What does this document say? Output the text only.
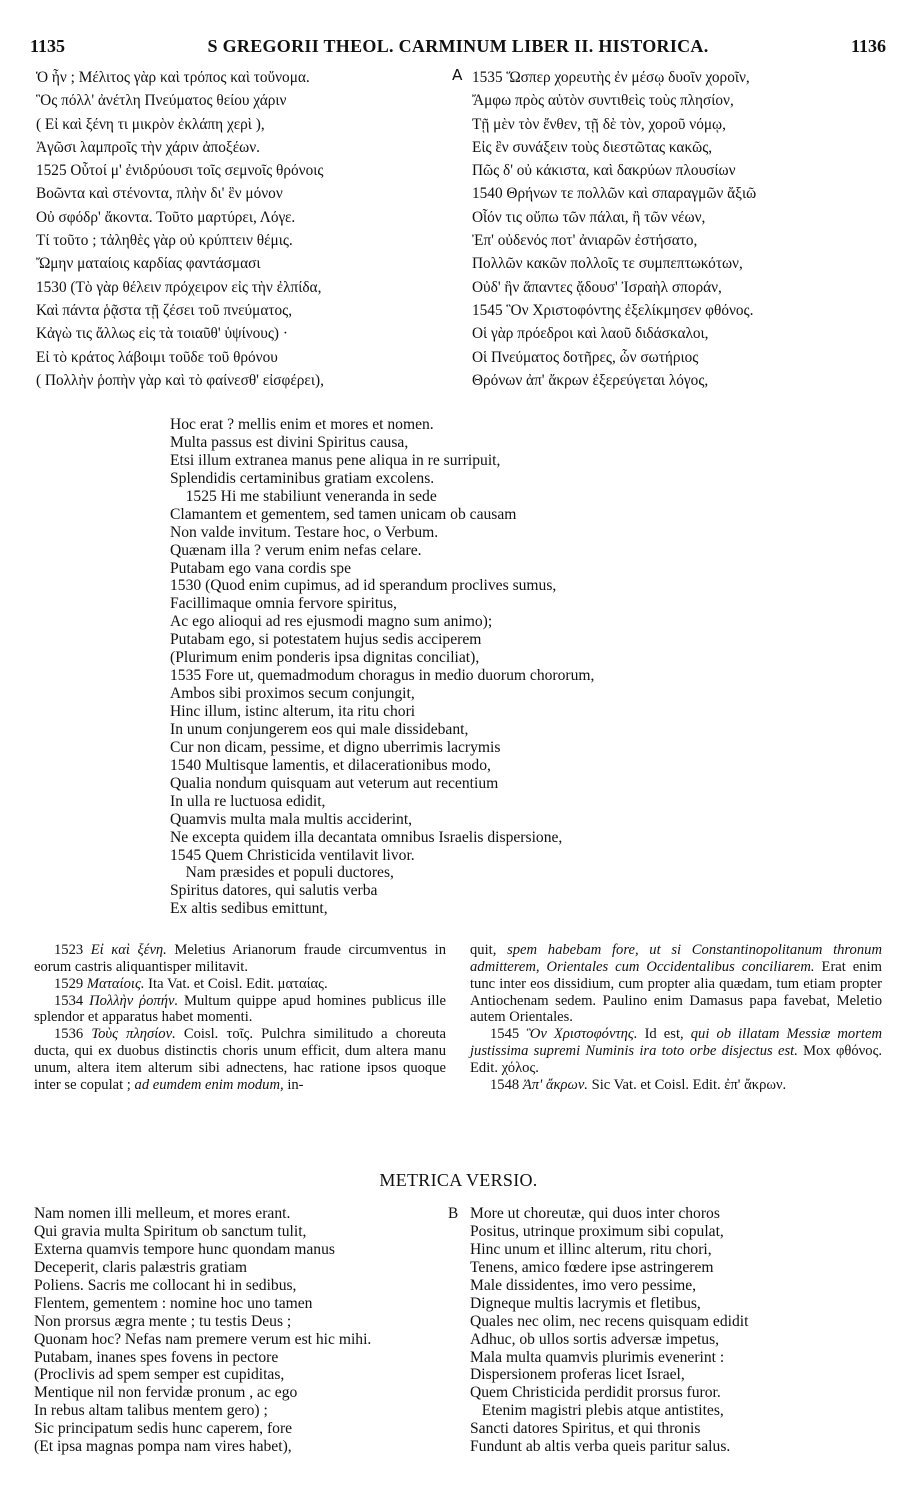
1135	S GREGORII THEOL. CARMINUM LIBER II. HISTORICA.	1136
Ὁ ἦν ; Μέλιτος γὰρ καὶ τρόπος καὶ τοὔνομα.
Ὃς πόλλ' ἀνέτλη Πνεύματος θείου χάριν
( Εἰ καὶ ξένη τι μικρὸν ἐκλάπη χερὶ ),
Ἀγῶσι λαμπροῖς τὴν χάριν ἀποξέων.
1525 Οὗτοί μ' ἐνιδρύουσι τοῖς σεμνοῖς θρόνοις
Βοῶντα καὶ στένοντα, πλὴν δι' ἓν μόνον
Οὐ σφόδρ' ἄκοντα. Τοῦτο μαρτύρει, Λόγε.
Τί τοῦτο ; τἀληθὲς γὰρ οὐ κρύπτειν θέμις.
Ὤμην ματαίοις καρδίας φαντάσμασι
1530 (Τὸ γὰρ θέλειν πρόχειρον εἰς τὴν ἐλπίδα,
Καὶ πάντα ῥᾷστα τῇ ζέσει τοῦ πνεύματος,
Κἀγὼ τις ἄλλως εἰς τὰ τοιαῦθ' ὑψίνους) ·
Εἰ τὸ κράτος λάβοιμι τοῦδε τοῦ θρόνου
( Πολλὴν ῥοπὴν γὰρ καὶ τὸ φαίνεσθ' εἰσφέρει),
A 1535 Ὥσπερ χορευτὴς ἐν μέσῳ δυοῖν χοροῖν,
Ἄμφω πρὸς αὑτὸν συντιθεὶς τοὺς πλησίον,
Τῇ μὲν τὸν ἔνθεν, τῇ δὲ τὸν, χοροῦ νόμῳ,
Εἰς ἓν συνάξειν τοὺς διεστῶτας κακῶς,
Πῶς δ' οὐ κάκιστα, καὶ δακρύων πλουσίων
1540 Θρήνων τε πολλῶν καὶ σπαραγμῶν ἄξιῶ
Οἷόν τις οὔπω τῶν πάλαι, ἢ τῶν νέων,
Ἐπ' οὐδενός ποτ' ἀνιαρῶν ἐστήσατο,
Πολλῶν κακῶν πολλοῖς τε συμπεπτωκότων,
Οὐδ' ἣν ἅπαντες ᾄδουσ' Ἰσραὴλ σποράν,
1545 Ὃν Χριστοφόντης ἐξελίκμησεν φθόνος.
Οἱ γὰρ πρόεδροι καὶ λαοῦ διδάσκαλοι,
Οἱ Πνεύματος δοτῆρες, ὧν σωτήριος
Θρόνων ἀπ' ἄκρων ἐξερεύγεται λόγος,
Hoc erat ? mellis enim et mores et nomen.
Multa passus est divini Spiritus causa,
Etsi illum extranea manus pene aliqua in re surripuit,
Splendidis certaminibus gratiam excolens.
1525 Hi me stabiliunt veneranda in sede
Clamantem et gementem, sed tamen unicam ob causam
Non valde invitum. Testare hoc, o Verbum.
Quænam illa ? verum enim nefas celare.
Putabam ego vana cordis spe
1530 (Quod enim cupimus, ad id sperandum proclives sumus,
Facillimaque omnia fervore spiritus,
Ac ego alioqui ad res ejusmodi magno sum animo);
Putabam ego, si potestatem hujus sedis acciperem
(Plurimum enim ponderis ipsa dignitas conciliat),
1535 Fore ut, quemadmodum choragus in medio duorum chororum,
Ambos sibi proximos secum conjungit,
Hinc illum, istinc alterum, ita ritu chori
In unum conjungerem eos qui male dissidebant,
Cur non dicam, pessime, et digno uberrimis lacrymis
1540 Multisque lamentis, et dilacerationibus modo,
Qualia nondum quisquam aut veterum aut recentium
In ulla re luctuosa edidit,
Quamvis multa mala multis acciderint,
Ne excepta quidem illa decantata omnibus Israelis dispersione,
1545 Quem Christicida ventilavit livor.
Nam præsides et populi ductores,
Spiritus datores, qui salutis verba
Ex altis sedibus emittunt,

1523 Εἰ καὶ ξένη. Meletius Arianorum fraude circumventus in eorum castris aliquantisper militavit.

1529 Ματαίοις. Ita Vat. et Coisl. Edit. ματαίας.

1534 Πολλὴν ῥοπήν. Multum quippe apud homines publicus ille splendor et apparatus habet momenti.

1536 Τοὺς πλησίον. Coisl. τοῖς. Pulchra similitudo a choreuta ducta, qui ex duobus distinctis choris unum efficit, dum altera manu unum, altera item alterum sibi adnectens, hac ratione ipsos quoque inter se copulat ; ad eumdem enim modum, in-

quit, spem habebam fore, ut si Constantinopolitanum thronum admitterem, Orientales cum Occidentalibus conciliarem. Erat enim tunc inter eos dissidium, cum propter alia quædam, tum etiam propter Antiochenam sedem. Paulino enim Damasus papa favebat, Meletio autem Orientales.

1545 Ὃν Χριστοφόντης. Id est, qui ob illatam Messiæ mortem justissima supremi Numinis ira toto orbe disjectus est. Mox φθόνος. Edit. χόλος.

1548 Ἀπ' ἄκρων. Sic Vat. et Coisl. Edit. ἐπ' ἄκρων.

METRICA VERSIO.
Nam nomen illi melleum, et mores erant.
Qui gravia multa Spiritum ob sanctum tulit,
Externa quamvis tempore hunc quondam manus
Deceperit, claris palæstris gratiam
Poliens. Sacris me collocant hi in sedibus,
Flentem, gementem : nomine hoc uno tamen
Non prorsus ægra mente ; tu testis Deus ;
Quonam hoc? Nefas nam premere verum est hic mihi.
Putabam, inanes spes fovens in pectore
(Proclivis ad spem semper est cupiditas,
Mentique nil non fervidæ pronum , ac ego
In rebus altam talibus mentem gero) ;
Sic principatum sedis hunc caperem, fore
(Et ipsa magnas pompa nam vires habet),
B More ut choreutæ, qui duos inter choros
Positus, utrinque proximum sibi copulat,
Hinc unum et illinc alterum, ritu chori,
Tenens, amico fœdere ipse astringerem
Male dissidentes, imo vero pessime,
Digneque multis lacrymis et fletibus,
Quales nec olim, nec recens quisquam edidit
Adhuc, ob ullos sortis adversæ impetus,
Mala multa quamvis plurimis evenerint :
Dispersionem proferas licet Israel,
Quem Christicida perdidit prorsus furor.
Etenim magistri plebis atque antistites,
Sancti datores Spiritus, et qui thronis
Fundunt ab altis verba queis paritur salus.
